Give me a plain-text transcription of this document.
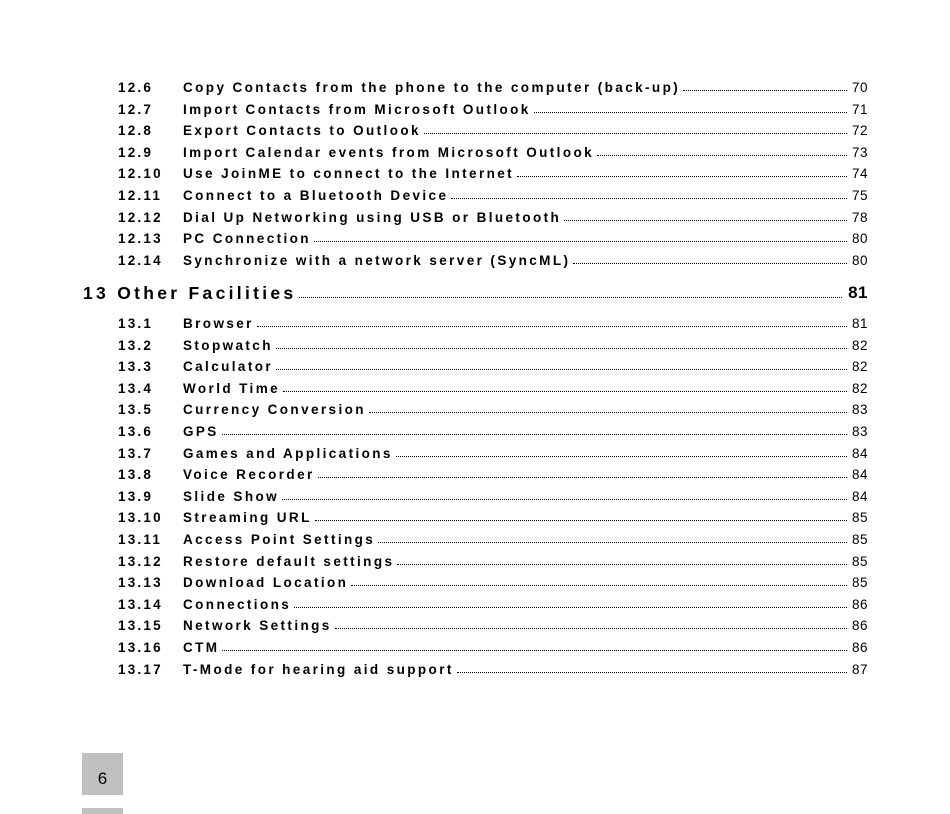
12.6 Copy Contacts from the phone to the computer (back-up)	70
12.7 Import Contacts from Microsoft Outlook	71
12.8 Export Contacts to Outlook	72
12.9 Import Calendar events from Microsoft Outlook	73
12.10 Use JoinME to connect to the Internet	74
12.11 Connect to a Bluetooth Device	75
12.12 Dial Up Networking using USB or Bluetooth	78
12.13 PC Connection	80
12.14 Synchronize with a network server (SyncML)	80
13 Other Facilities	81
13.1 Browser	81
13.2 Stopwatch	82
13.3 Calculator	82
13.4 World Time	82
13.5 Currency Conversion	83
13.6 GPS	83
13.7 Games and Applications	84
13.8 Voice Recorder	84
13.9 Slide Show	84
13.10 Streaming URL	85
13.11 Access Point Settings	85
13.12 Restore default settings	85
13.13 Download Location	85
13.14 Connections	86
13.15 Network Settings	86
13.16 CTM	86
13.17 T-Mode for hearing aid support	87
6
